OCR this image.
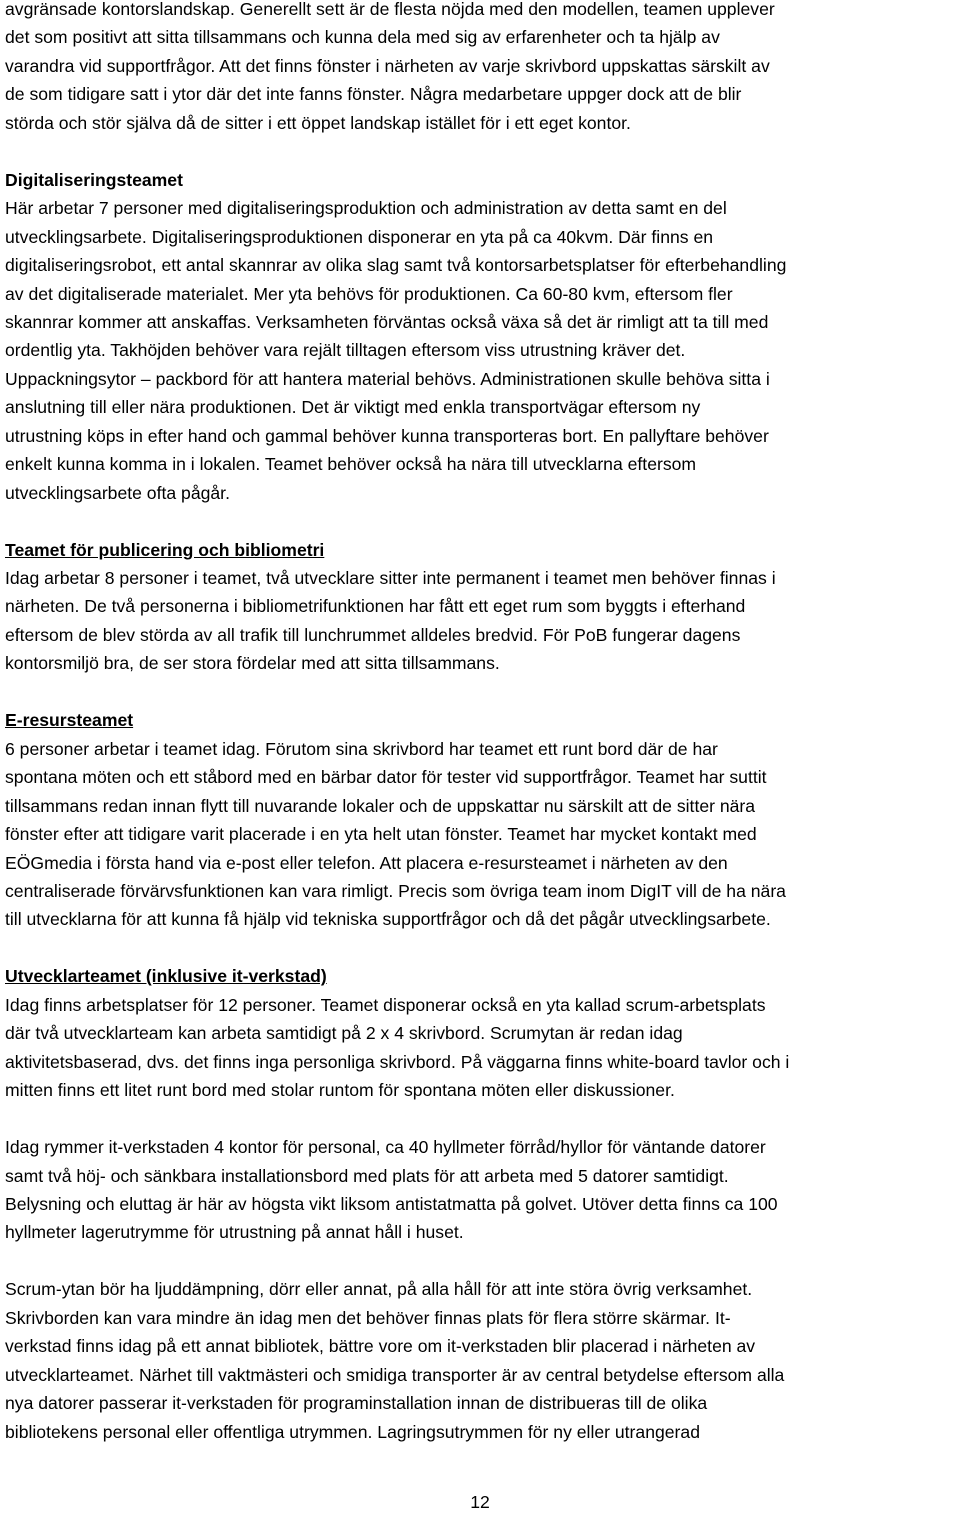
avgränsade kontorslandskap. Generellt sett är de flesta nöjda med den modellen, teamen upplever
det som positivt att sitta tillsammans och kunna dela med sig av erfarenheter och ta hjälp av
varandra vid supportfrågor. Att det finns fönster i närheten av varje skrivbord uppskattas särskilt av
de som tidigare satt i ytor där det inte fanns fönster. Några medarbetare uppger dock att de blir
störda och stör själva då de sitter i ett öppet landskap istället för i ett eget kontor.
Digitaliseringsteamet
Här arbetar 7 personer med digitaliseringsproduktion och administration av detta samt en del
utvecklingsarbete. Digitaliseringsproduktionen disponerar en yta på ca 40kvm. Där finns en
digitaliseringsrobot, ett antal skannrar av olika slag samt två kontorsarbetsplatser för efterbehandling
av det digitaliserade materialet. Mer yta behövs för produktionen. Ca 60-80 kvm, eftersom fler
skannrar kommer att anskaffas. Verksamheten förväntas också växa så det är rimligt att ta till med
ordentlig yta. Takhöjden behöver vara rejält tilltagen eftersom viss utrustning kräver det.
Uppackningsytor – packbord för att hantera material behövs. Administrationen skulle behöva sitta i
anslutning till eller nära produktionen. Det är viktigt med enkla transportvägar eftersom ny
utrustning köps in efter hand och gammal behöver kunna transporteras bort. En pallyftare behöver
enkelt kunna komma in i lokalen. Teamet behöver också ha nära till utvecklarna eftersom
utvecklingsarbete ofta pågår.
Teamet för publicering och bibliometri
Idag arbetar 8 personer i teamet, två utvecklare sitter inte permanent i teamet men behöver finnas i
närheten. De två personerna i bibliometrifunktionen har fått ett eget rum som byggts i efterhand
eftersom de blev störda av all trafik till lunchrummet alldeles bredvid. För PoB fungerar dagens
kontorsmiljö bra, de ser stora fördelar med att sitta tillsammans.
E-resursteamet
6 personer arbetar i teamet idag. Förutom sina skrivbord har teamet ett runt bord där de har
spontana möten och ett ståbord med en bärbar dator för tester vid supportfrågor. Teamet har suttit
tillsammans redan innan flytt till nuvarande lokaler och de uppskattar nu särskilt att de sitter nära
fönster efter att tidigare varit placerade i en yta helt utan fönster. Teamet har mycket kontakt med
EÖGmedia i första hand via e-post eller telefon. Att placera e-resursteamet i närheten av den
centraliserade förvärvsfunktionen kan vara rimligt. Precis som övriga team inom DigIT vill de ha nära
till utvecklarna för att kunna få hjälp vid tekniska supportfrågor och då det pågår utvecklingsarbete.
Utvecklarteamet (inklusive it-verkstad)
Idag finns arbetsplatser för 12 personer. Teamet disponerar också en yta kallad scrum-arbetsplats
där två utvecklarteam kan arbeta samtidigt på 2 x 4 skrivbord. Scrumytan är redan idag
aktivitetsbaserad, dvs. det finns inga personliga skrivbord. På väggarna finns white-board tavlor och i
mitten finns ett litet runt bord med stolar runtom för spontana möten eller diskussioner.
Idag rymmer it-verkstaden 4 kontor för personal, ca 40 hyllmeter förråd/hyllor för väntande datorer
samt två höj- och sänkbara installationsbord med plats för att arbeta med 5 datorer samtidigt.
Belysning och eluttag är här av högsta vikt liksom antistatmatta på golvet. Utöver detta finns ca 100
hyllmeter lagerutrymme för utrustning på annat håll i huset.
Scrum-ytan bör ha ljuddämpning, dörr eller annat, på alla håll för att inte störa övrig verksamhet.
Skrivborden kan vara mindre än idag men det behöver finnas plats för flera större skärmar. It-
verkstad finns idag på ett annat bibliotek, bättre vore om it-verkstaden blir placerad i närheten av
utvecklarteamet. Närhet till vaktmästeri och smidiga transporter är av central betydelse eftersom alla
nya datorer passerar it-verkstaden för programinstallation innan de distribueras till de olika
bibliotekens personal eller offentliga utrymmen. Lagringsutrymmen för ny eller utrangerad
12
